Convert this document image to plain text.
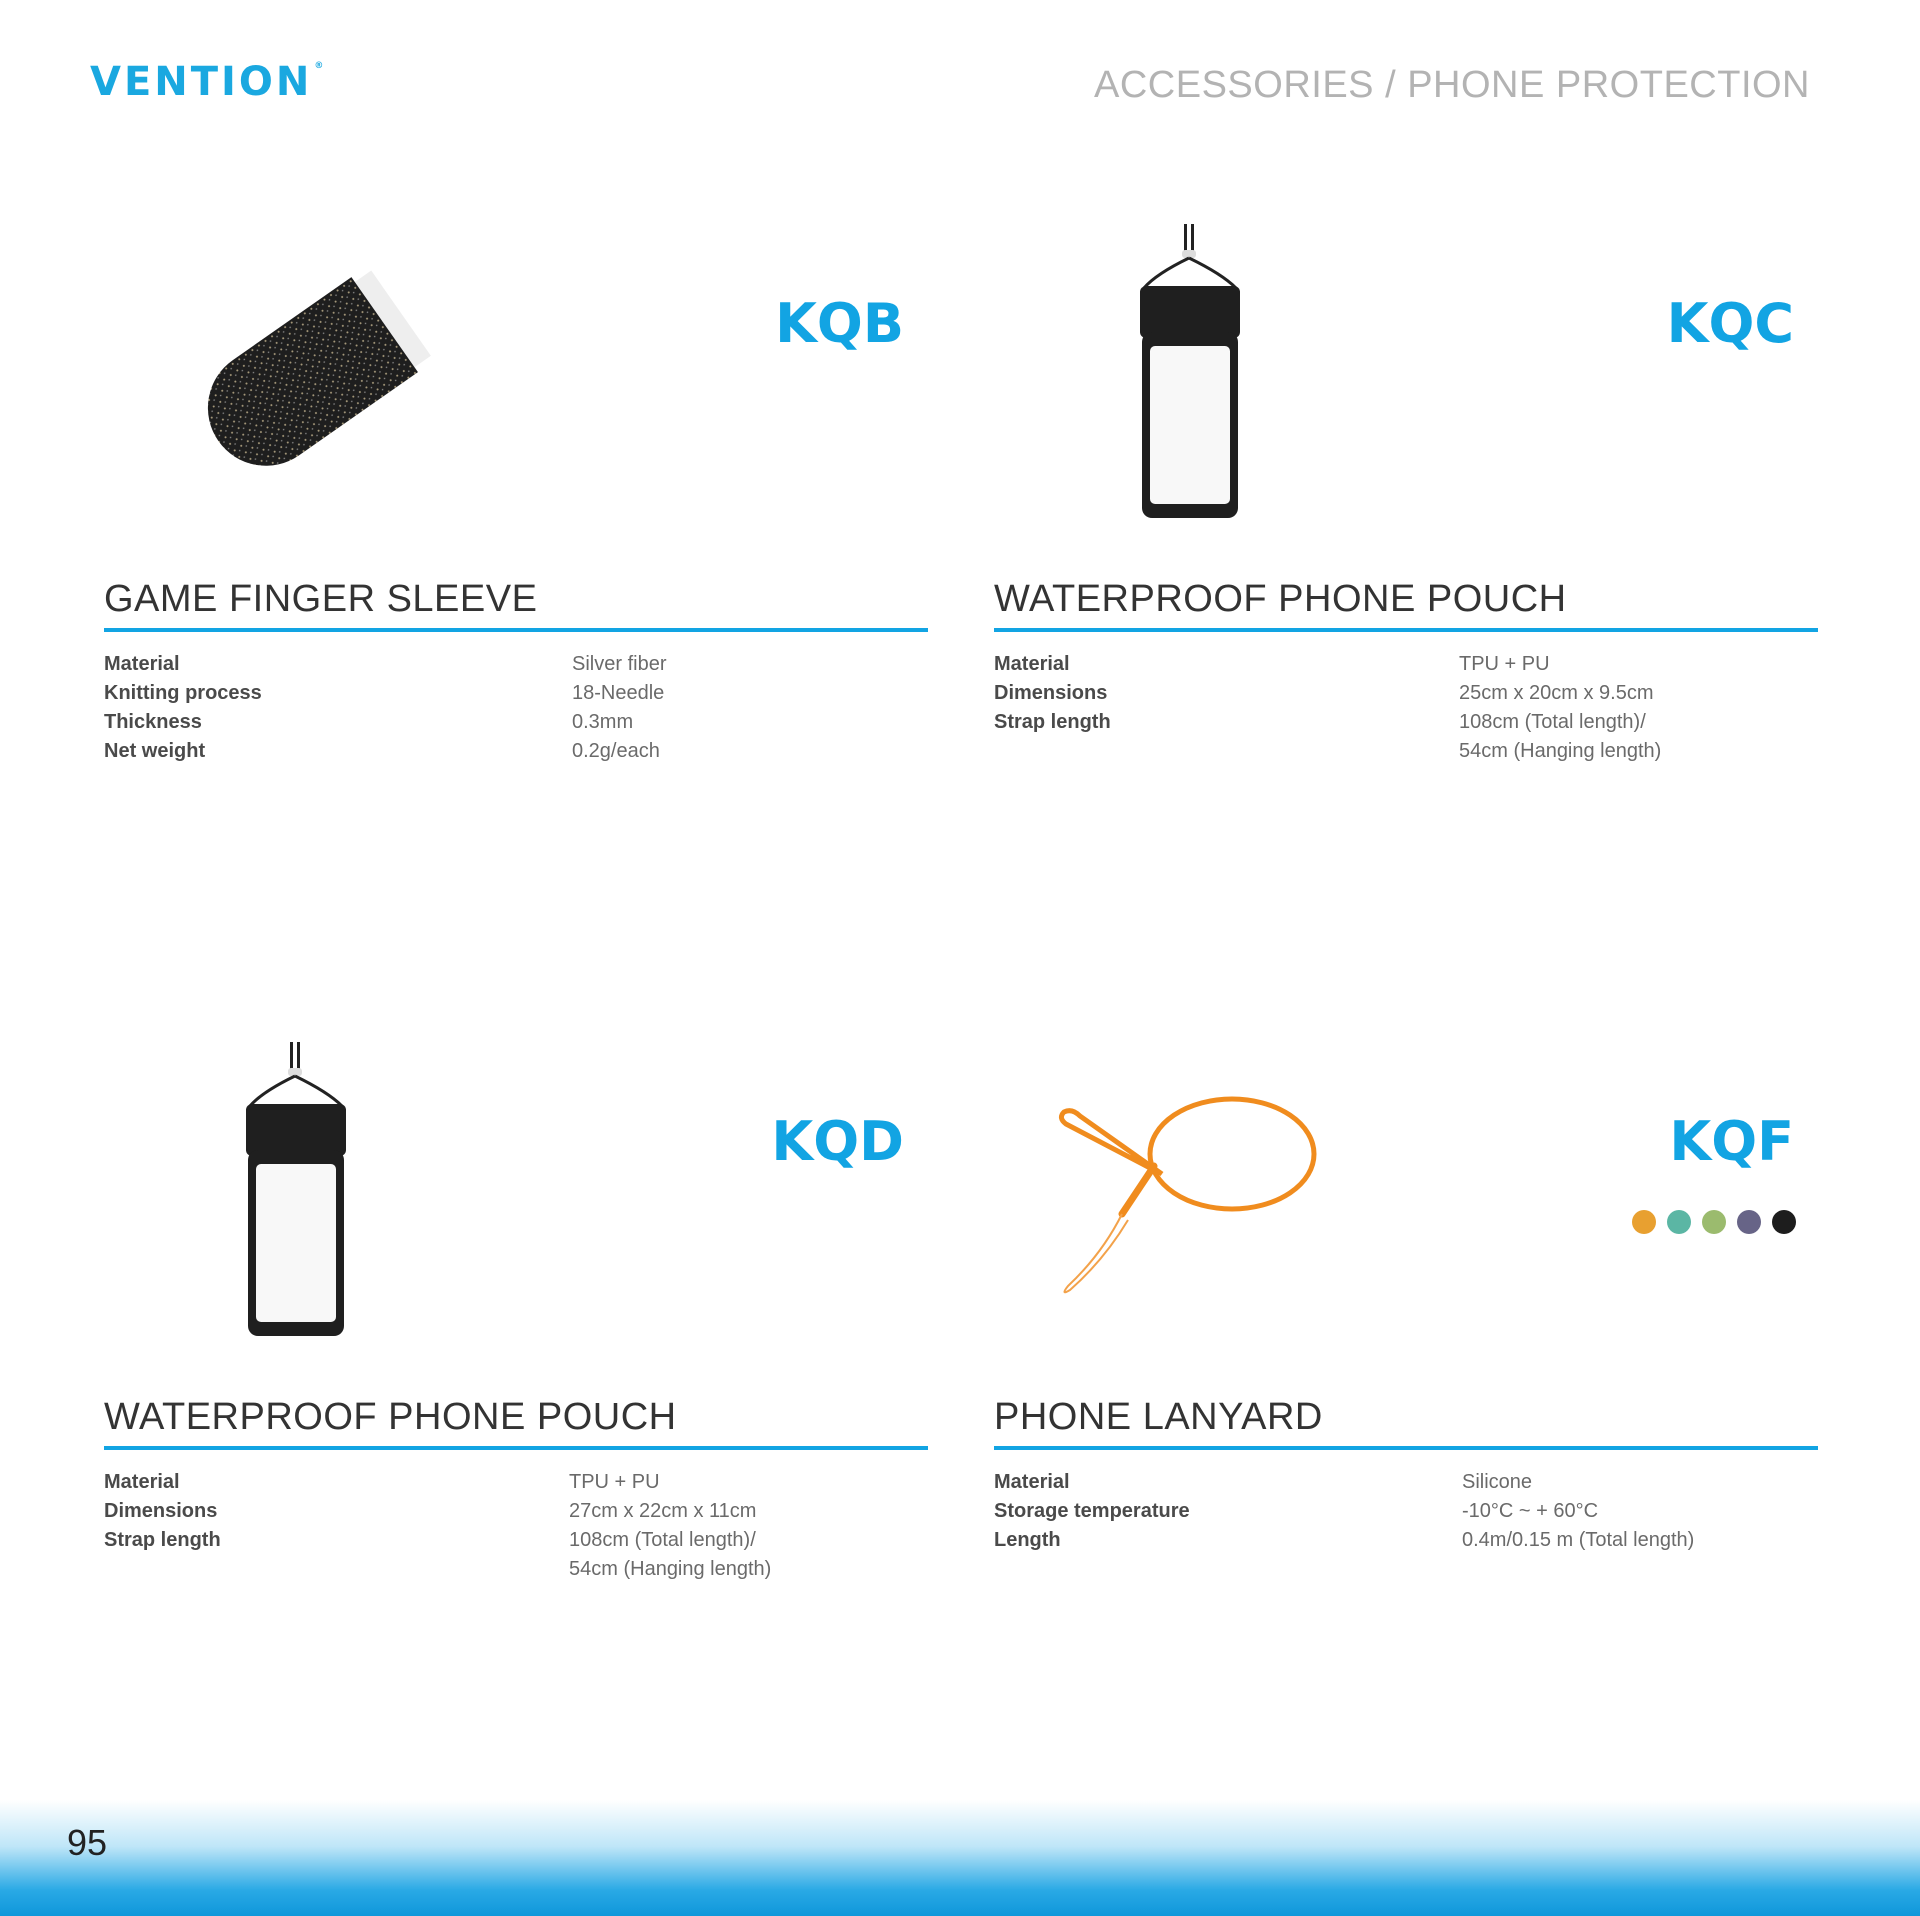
VENTION ®	ACCESSORIES / PHONE PROTECTION
KQB
GAME FINGER SLEEVE
Material	Silver fiber
Knitting process	18-Needle
Thickness	0.3mm
Net weight	0.2g/each
KQC
WATERPROOF PHONE POUCH
Material	TPU + PU
Dimensions	25cm x 20cm x 9.5cm
Strap length	108cm (Total length)/
54cm (Hanging length)
KQD
WATERPROOF PHONE POUCH
Material	TPU + PU
Dimensions	27cm x 22cm x 11cm
Strap length	108cm (Total length)/
54cm (Hanging length)
KQF
PHONE LANYARD
Material	Silicone
Storage temperature	-10°C ~ + 60°C
Length	0.4m/0.15 m (Total length)
95
